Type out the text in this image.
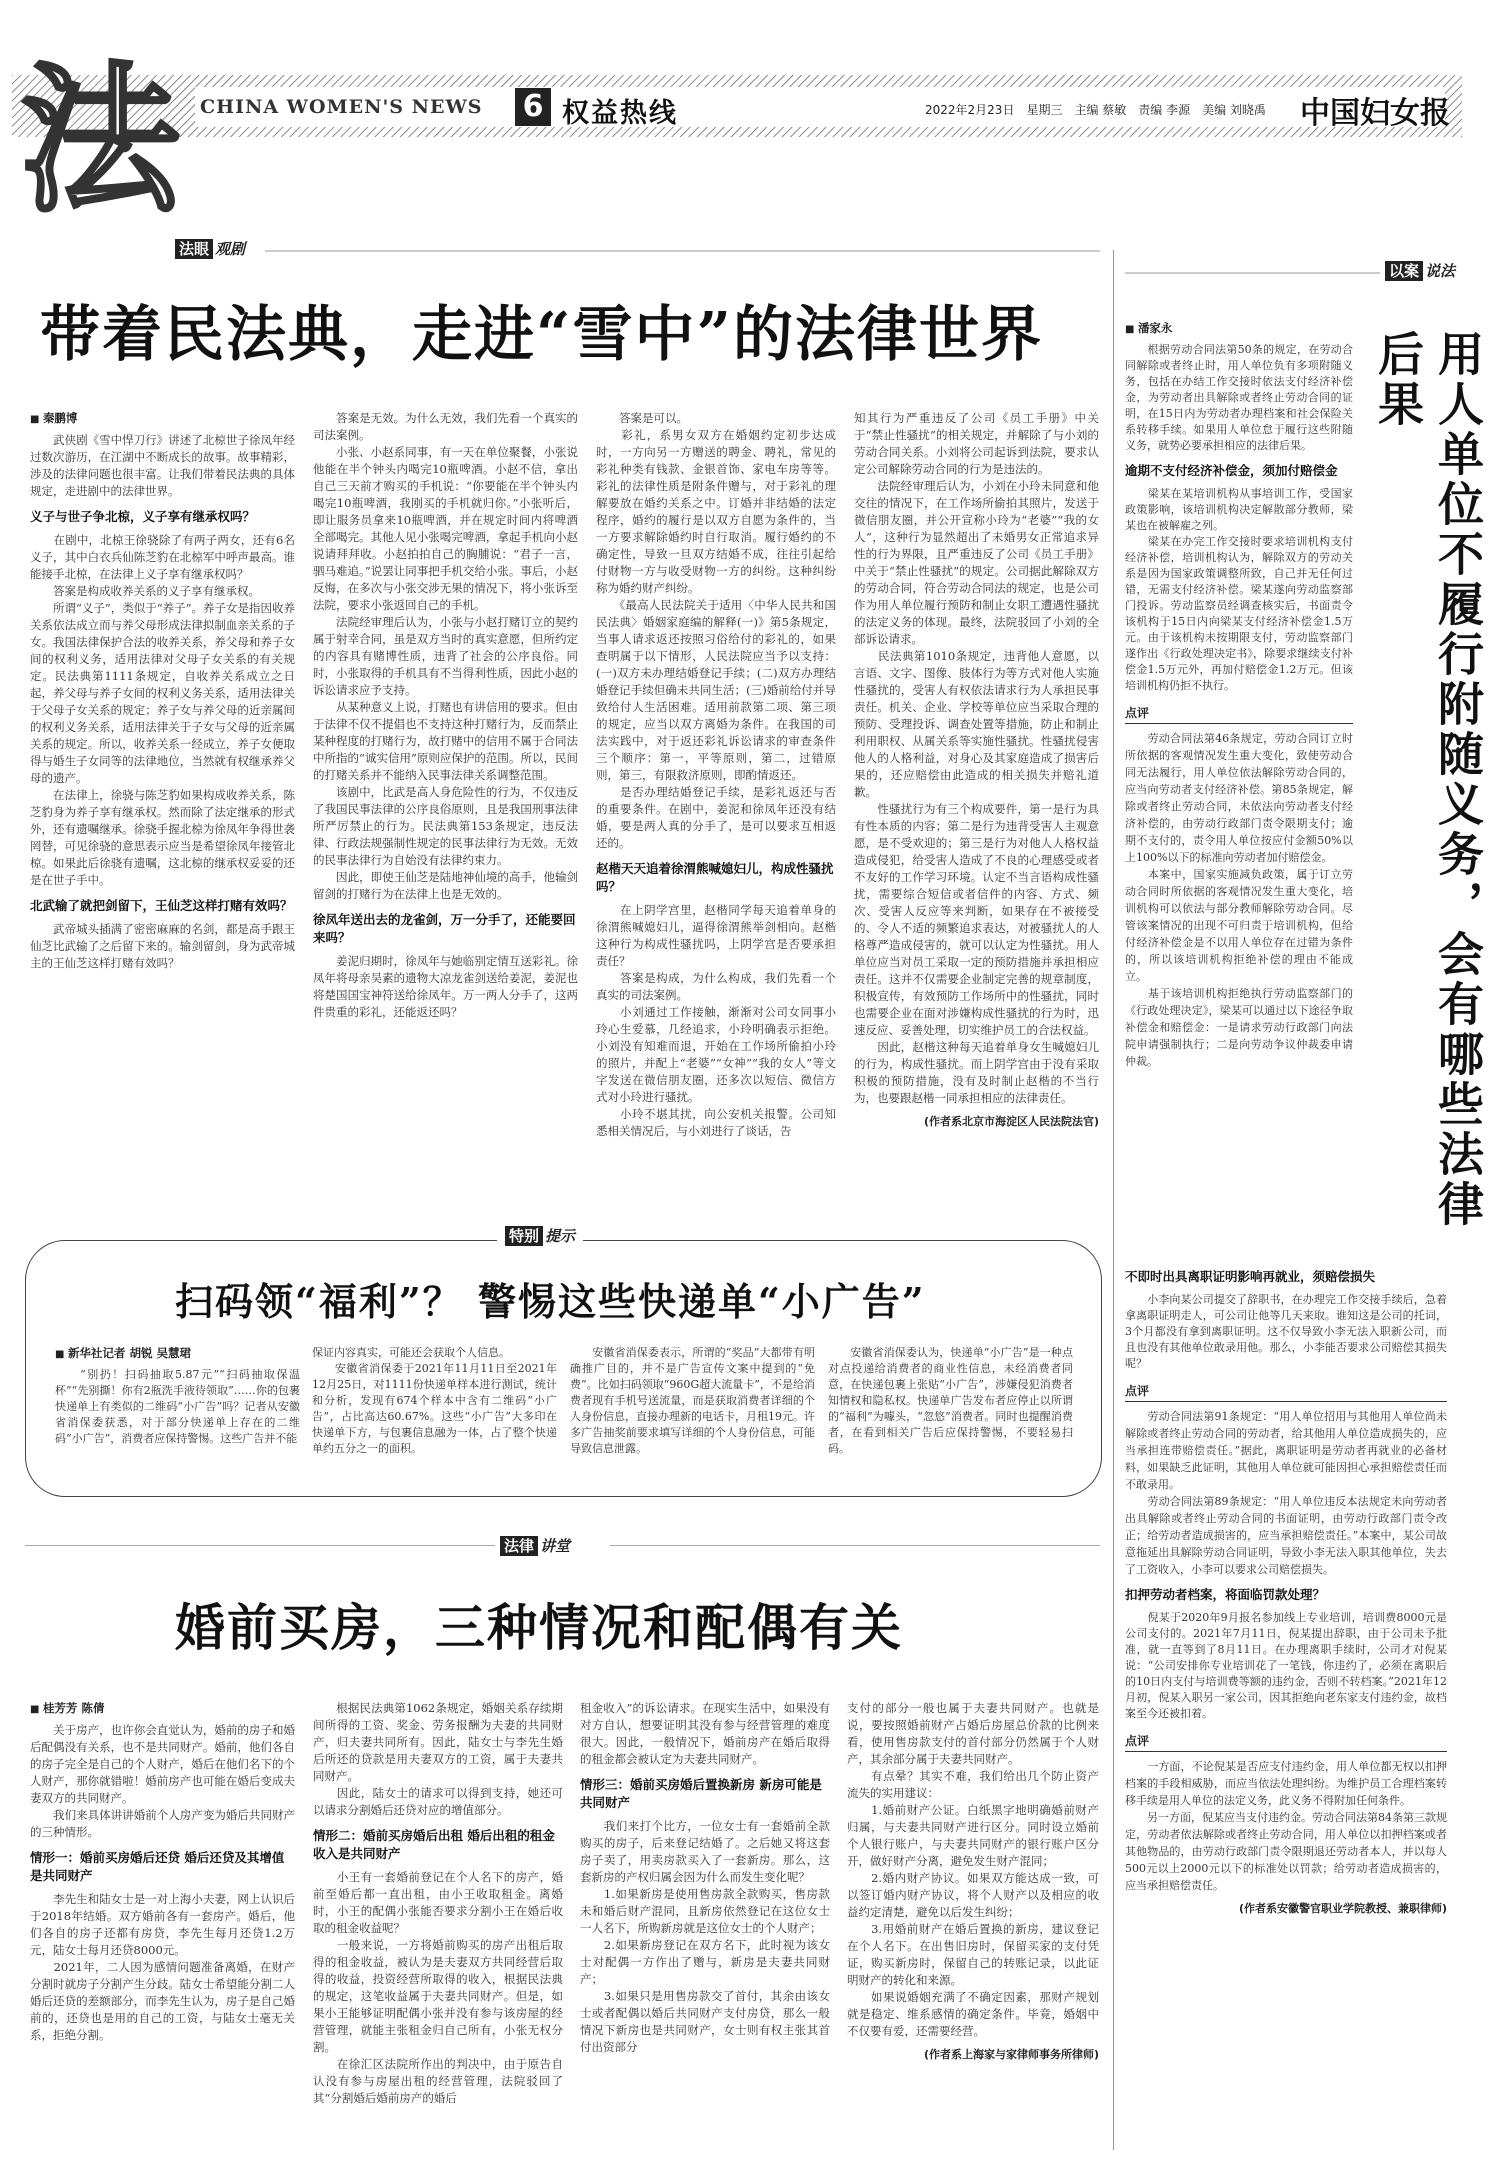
法	CHINA WOMEN'S NEWS 6 权益热线	2022年2月23日　星期三　主编 蔡敏　责编 李源　美编 刘晓禹 中国妇女报
法眼 观剧
带着民法典，走进“雪中”的法律世界

■ 秦鹏博

　　武侠剧《雪中悍刀行》讲述了北椋世子徐凤年经过数次游历，在江湖中不断成长的故事。故事精彩，涉及的法律问题也很丰富。让我们带着民法典的具体规定，走进剧中的法律世界。

义子与世子争北椋，义子享有继承权吗？

　　在剧中，北椋王徐骁除了有两子两女，还有6名义子，其中白衣兵仙陈芝豹在北椋军中呼声最高。谁能接手北椋，在法律上义子享有继承权吗？
　　答案是构成收养关系的义子享有继承权。
　　所谓“义子”，类似于“养子”。养子女是指因收养关系依法成立而与养父母形成法律拟制血亲关系的子女。我国法律保护合法的收养关系，养父母和养子女间的权利义务，适用法律对父母子女关系的有关规定。民法典第1111条规定，自收养关系成立之日起，养父母与养子女间的权利义务关系，适用法律关于父母子女关系的规定；养子女与养父母的近亲属间的权利义务关系，适用法律关于子女与父母的近亲属关系的规定。所以，收养关系一经成立，养子女便取得与婚生子女同等的法律地位，当然就有权继承养父母的遗产。
　　在法律上，徐骁与陈芝豹如果构成收养关系，陈芝豹身为养子享有继承权。然而除了法定继承的形式外，还有遗嘱继承。徐骁手握北椋为徐凤年争得世袭罔替，可见徐骁的意思表示应当是希望徐凤年接管北椋。如果此后徐骁有遗嘱，这北椋的继承权妥妥的还是在世子手中。

北武输了就把剑留下，王仙芝这样打赌有效吗？

　　武帝城头插满了密密麻麻的名剑，都是高手跟王仙芝比武输了之后留下来的。输剑留剑，身为武帝城主的王仙芝这样打赌有效吗？

　　答案是无效。为什么无效，我们先看一个真实的司法案例。
　　小张、小赵系同事，有一天在单位聚餐，小张说他能在半个钟头内喝完10瓶啤酒。小赵不信，拿出自己三天前才购买的手机说：“你要能在半个钟头内喝完10瓶啤酒，我刚买的手机就归你。”小张听后，即让服务员拿来10瓶啤酒，并在规定时间内将啤酒全部喝完。其他人见小张喝完啤酒，拿起手机向小赵说请拜拜收。小赵拍拍自己的胸脯说：“君子一言，驷马难追。”说罢让同事把手机交给小张。事后，小赵反悔，在多次与小张交涉无果的情况下，将小张诉至法院，要求小张返回自己的手机。
　　法院经审理后认为，小张与小赵打赌订立的契约属于射幸合同，虽是双方当时的真实意愿，但所约定的内容具有赌博性质，违背了社会的公序良俗。同时，小张取得的手机具有不当得利性质，因此小赵的诉讼请求应予支持。
　　从某种意义上说，打赌也有讲信用的要求。但由于法律不仅不提倡也不支持这种打赌行为，反而禁止某种程度的打赌行为，故打赌中的信用不属于合同法中所指的“诚实信用”原则应保护的范围。所以，民间的打赌关系并不能纳入民事法律关系调整范围。
　　该剧中，比武是高人身危险性的行为，不仅违反了我国民事法律的公序良俗原则，且是我国刑事法律所严厉禁止的行为。民法典第153条规定，违反法律、行政法规强制性规定的民事法律行为无效。无效的民事法律行为自始没有法律约束力。
　　因此，即使王仙芝是陆地神仙境的高手，他输剑留剑的打赌行为在法律上也是无效的。

徐凤年送出去的龙雀剑，万一分手了，还能要回来吗？

　　姜泥归期时，徐凤年与她临别定情互送彩礼。徐凤年将母亲吴素的遗物大凉龙雀剑送给姜泥，姜泥也将楚国国宝神符送给徐凤年。万一两人分手了，这两件贵重的彩礼，还能返还吗？

　　答案是可以。
　　彩礼，系男女双方在婚姻约定初步达成时，一方向另一方赠送的聘金、聘礼，常见的彩礼种类有钱款、金银首饰、家电车房等等。彩礼的法律性质是附条件赠与，对于彩礼的理解要放在婚约关系之中。订婚并非结婚的法定程序，婚约的履行是以双方自愿为条件的，当一方要求解除婚约时自行取消。履行婚约的不确定性，导致一旦双方结婚不成，往往引起给付财物一方与收受财物一方的纠纷。这种纠纷称为婚约财产纠纷。
　　《最高人民法院关于适用〈中华人民共和国民法典〉婚姻家庭编的解释(一)》第5条规定，当事人请求返还按照习俗给付的彩礼的，如果查明属于以下情形，人民法院应当予以支持：(一)双方未办理结婚登记手续；(二)双方办理结婚登记手续但确未共同生活；(三)婚前给付并导致给付人生活困难。适用前款第二项、第三项的规定，应当以双方离婚为条件。在我国的司法实践中，对于返还彩礼诉讼请求的审查条件三个顺序：第一，平等原则，第二，过错原则，第三，有限救济原则，即酌情返还。
　　是否办理结婚登记手续，是彩礼返还与否的重要条件。在剧中，姜泥和徐凤年还没有结婚，要是两人真的分手了，是可以要求互相返还的。

赵楷天天追着徐渭熊喊媳妇儿，构成性骚扰吗？

　　在上阴学宫里，赵楷同学每天追着单身的徐渭熊喊媳妇儿，逼得徐渭熊举剑相向。赵楷这种行为构成性骚扰吗，上阴学宫是否要承担责任？
　　答案是构成，为什么构成，我们先看一个真实的司法案例。
　　小刘通过工作接触，渐渐对公司女同事小玲心生爱慕，几经追求，小玲明确表示拒绝。小刘没有知难而退，开始在工作场所偷拍小玲的照片，并配上“老婆”“女神”“我的女人”等文字发送在微信朋友圈，还多次以短信、微信方式对小玲进行骚扰。
　　小玲不堪其扰，向公安机关报警。公司知悉相关情况后，与小刘进行了谈话，告

知其行为严重违反了公司《员工手册》中关于“禁止性骚扰”的相关规定，并解除了与小刘的劳动合同关系。小刘将公司起诉到法院，要求认定公司解除劳动合同的行为是违法的。
　　法院经审理后认为，小刘在小玲未同意和他交往的情况下，在工作场所偷拍其照片，发送于微信朋友圈，并公开宣称小玲为“老婆”“我的女人”，这种行为显然超出了未婚男女正常追求异性的行为界限，且严重违反了公司《员工手册》中关于“禁止性骚扰”的规定。公司据此解除双方的劳动合同，符合劳动合同法的规定，也是公司作为用人单位履行预防和制止女职工遭遇性骚扰的法定义务的体现。最终，法院驳回了小刘的全部诉讼请求。
　　民法典第1010条规定，违背他人意愿，以言语、文字、图像、肢体行为等方式对他人实施性骚扰的，受害人有权依法请求行为人承担民事责任。机关、企业、学校等单位应当采取合理的预防、受理投诉、调查处置等措施，防止和制止利用职权、从属关系等实施性骚扰。性骚扰侵害他人的人格利益，对身心及其家庭造成了损害后果的，还应赔偿由此造成的相关损失并赔礼道歉。
　　性骚扰行为有三个构成要件，第一是行为具有性本质的内容；第二是行为违背受害人主观意愿，是不受欢迎的；第三是行为对他人人格权益造成侵犯，给受害人造成了不良的心理感受或者不友好的工作学习环境。认定不当言语构成性骚扰，需要综合短信或者信件的内容、方式、频次、受害人反应等来判断，如果存在不被接受的、令人不适的频繁追求表达，对被骚扰人的人格尊严造成侵害的，就可以认定为性骚扰。用人单位应当对员工采取一定的预防措施并承担相应责任。这并不仅需要企业制定完善的规章制度，积极宣传，有效预防工作场所中的性骚扰，同时也需要企业在面对涉嫌构成性骚扰的行为时，迅速反应、妥善处理，切实维护员工的合法权益。
　　因此，赵楷这种每天追着单身女生喊媳妇儿的行为，构成性骚扰。而上阴学宫由于没有采取积极的预防措施，没有及时制止赵楷的不当行为，也要跟赵楷一同承担相应的法律责任。

(作者系北京市海淀区人民法院法官)

特别 提示
扫码领“福利”？ 警惕这些快递单“小广告”

■ 新华社记者 胡锐 吴慧珺

　　“别扔！扫码抽取5.87元”“扫码抽取保温杯”“先别撕！你有2瓶洗手液待领取”……你的包裹快递单上有类似的二维码“小广告”吗？记者从安徽省消保委获悉，对于部分快递单上存在的二维码“小广告”，消费者应保持警惕。这些广告并不能

保证内容真实，可能还会获取个人信息。
　　安徽省消保委于2021年11月11日至2021年12月25日，对1111份快递单样本进行测试，统计和分析，发现有674个样本中含有二维码“小广告”，占比高达60.67%。这些“小广告”大多印在快递单下方，与包裹信息融为一体，占了整个快递单约五分之一的面积。

　　安徽省消保委表示，所谓的“奖品”大都带有明确推广目的，并不是广告宣传文案中提到的“免费”。比如扫码领取“960G超大流量卡”，不是给消费者现有手机号送流量，而是获取消费者详细的个人身份信息，直接办理新的电话卡，月租19元。许多广告抽奖前要求填写详细的个人身份信息，可能导致信息泄露。

　　安徽省消保委认为，快递单“小广告”是一种点对点投递给消费者的商业性信息，未经消费者同意，在快递包裹上张贴“小广告”，涉嫌侵犯消费者知情权和隐私权。快递单广告发布者应停止以所谓的“福利”为噱头，“忽悠”消费者。同时也提醒消费者，在看到相关广告后应保持警惕，不要轻易扫码。

法律 讲堂
婚前买房，三种情况和配偶有关

■ 桂芳芳 陈倩

　　关于房产，也许你会直觉认为，婚前的房子和婚后配偶没有关系，也不是共同财产。婚前，他们各自的房子完全是自己的个人财产，婚后在他们名下的个人财产，那你就错啦！婚前房产也可能在婚后变成夫妻双方的共同财产。
　　我们来具体讲讲婚前个人房产变为婚后共同财产的三种情形。

情形一：婚前买房婚后还贷 婚后还贷及其增值是共同财产

　　李先生和陆女士是一对上海小夫妻，网上认识后于2018年结婚。双方婚前各有一套房产。婚后，他们各自的房子还都有房贷，李先生每月还贷1.2万元，陆女士每月还贷8000元。
　　2021年，二人因为感情问题准备离婚，在财产分割时就房子分割产生分歧。陆女士希望能分割二人婚后还贷的差额部分，而李先生认为，房子是自己婚前的，还贷也是用的自己的工资，与陆女士毫无关系，拒绝分割。

　　根据民法典第1062条规定，婚姻关系存续期间所得的工资、奖金、劳务报酬为夫妻的共同财产，归夫妻共同所有。因此，陆女士与李先生婚后所还的贷款是用夫妻双方的工资，属于夫妻共同财产。
　　因此，陆女士的请求可以得到支持，她还可以请求分割婚后还贷对应的增值部分。

情形二：婚前买房婚后出租 婚后出租的租金收入是共同财产

　　小王有一套婚前登记在个人名下的房产，婚前至婚后都一直出租，由小王收取租金。离婚时，小王的配偶小张能否要求分割小王在婚后收取的租金收益呢？
　　一般来说，一方将婚前购买的房产出租后取得的租金收益，被认为是夫妻双方共同经营后取得的收益，投资经营所取得的收入，根据民法典的规定，这笔收益属于夫妻共同财产。但是，如果小王能够证明配偶小张并没有参与该房屋的经营管理，就能主张租金归自己所有，小张无权分割。
　　在徐汇区法院所作出的判决中，由于原告自认没有参与房屋出租的经营管理，法院驳回了其“分割婚后婚前房产的婚后

租金收入”的诉讼请求。在现实生活中，如果没有对方自认，想要证明其没有参与经营管理的难度很大。因此，一般情况下，婚前房产在婚后取得的租金都会被认定为夫妻共同财产。

情形三：婚前买房婚后置换新房 新房可能是共同财产

　　我们来打个比方，一位女士有一套婚前全款购买的房子，后来登记结婚了。之后她又将这套房子卖了，用卖房款买入了一套新房。那么，这套新房的产权归属会因为什么而发生变化呢？
　　1.如果新房是使用售房款全款购买，售房款未和婚后财产混同，且新房依然登记在这位女士一人名下，所购新房就是这位女士的个人财产；
　　2.如果新房登记在双方名下，此时视为该女士对配偶一方作出了赠与，新房是夫妻共同财产；
　　3.如果只是用售房款交了首付，其余由该女士或者配偶以婚后共同财产支付房贷，那么一般情况下新房也是共同财产，女士则有权主张其首付出资部分

支付的部分一般也属于夫妻共同财产。也就是说，要按照婚前财产占婚后房屋总价款的比例来看，使用售房款支付的首付部分仍然属于个人财产，其余部分属于夫妻共同财产。
　　有点晕？其实不难，我们给出几个防止资产流失的实用建议：
　　1.婚前财产公证。白纸黑字地明确婚前财产归属，与夫妻共同财产进行区分。同时设立婚前个人银行账户，与夫妻共同财产的银行账户区分开，做好财产分离，避免发生财产混同；
　　2.婚内财产协议。如果双方能达成一致，可以签订婚内财产协议，将个人财产以及相应的收益约定清楚，避免以后发生纠纷；
　　3.用婚前财产在婚后置换的新房，建议登记在个人名下。在出售旧房时，保留买家的支付凭证，购买新房时，保留自己的转账记录，以此证明财产的转化和来源。
　　如果说婚姻充满了不确定因素，那财产规划就是稳定、维系感情的确定条件。毕竟，婚姻中不仅要有爱，还需要经营。

(作者系上海家与家律师事务所律师)

以案 说法
用人单位不履行附随义务，会有哪些法律后果

■ 潘家永

　　根据劳动合同法第50条的规定，在劳动合同解除或者终止时，用人单位负有多项附随义务，包括在办结工作交接时依法支付经济补偿金，为劳动者出具解除或者终止劳动合同的证明，在15日内为劳动者办理档案和社会保险关系转移手续。如果用人单位怠于履行这些附随义务，就势必要承担相应的法律后果。

逾期不支付经济补偿金，须加付赔偿金

　　梁某在某培训机构从事培训工作，受国家政策影响，该培训机构决定解散部分教师，梁某也在被解雇之列。
　　梁某在办完工作交接时要求培训机构支付经济补偿，培训机构认为，解除双方的劳动关系是因为国家政策调整所致，自己并无任何过错，无需支付经济补偿。梁某遂向劳动监察部门投诉。劳动监察员经调查核实后，书面责令该机构于15日内向梁某支付经济补偿金1.5万元。由于该机构未按期限支付，劳动监察部门遂作出《行政处理决定书》，除要求继续支付补偿金1.5万元外，再加付赔偿金1.2万元。但该培训机构仍拒不执行。

点评

　　劳动合同法第46条规定，劳动合同订立时所依据的客观情况发生重大变化，致使劳动合同无法履行，用人单位依法解除劳动合同的，应当向劳动者支付经济补偿。第85条规定，解除或者终止劳动合同，未依法向劳动者支付经济补偿的，由劳动行政部门责令限期支付；逾期不支付的，责令用人单位按应付金额50%以上100%以下的标准向劳动者加付赔偿金。
　　本案中，国家实施减负政策，属于订立劳动合同时所依据的客观情况发生重大变化，培训机构可以依法与部分教师解除劳动合同。尽管该案情况的出现不可归责于培训机构，但给付经济补偿金是不以用人单位存在过错为条件的，所以该培训机构拒绝补偿的理由不能成立。
　　基于该培训机构拒绝执行劳动监察部门的《行政处理决定》，梁某可以通过以下途径争取补偿金和赔偿金：一是请求劳动行政部门向法院申请强制执行；二是向劳动争议仲裁委申请仲裁。

不即时出具离职证明影响再就业，须赔偿损失

　　小李向某公司提交了辞职书，在办理完工作交接手续后，急着拿离职证明走人，可公司让他等几天来取。谁知这是公司的托词，3个月都没有拿到离职证明。这不仅导致小李无法入职新公司，而且也没有其他单位敢录用他。那么，小李能否要求公司赔偿其损失呢？

点评

　　劳动合同法第91条规定：“用人单位招用与其他用人单位尚未解除或者终止劳动合同的劳动者，给其他用人单位造成损失的，应当承担连带赔偿责任。”据此，离职证明是劳动者再就业的必备材料，如果缺乏此证明，其他用人单位就可能因担心承担赔偿责任而不敢录用。
　　劳动合同法第89条规定：“用人单位违反本法规定未向劳动者出具解除或者终止劳动合同的书面证明，由劳动行政部门责令改正；给劳动者造成损害的，应当承担赔偿责任。”本案中，某公司故意拖延出具解除劳动合同证明，导致小李无法入职其他单位，失去了工资收入，小李可以要求公司赔偿损失。

扣押劳动者档案，将面临罚款处理？

　　倪某于2020年9月报名参加线上专业培训，培训费8000元是公司支付的。2021年7月11日，倪某提出辞职，由于公司未予批准，就一直等到了8月11日。在办理离职手续时，公司才对倪某说：“公司安排你专业培训花了一笔钱，你违约了，必须在离职后的10日内支付与培训费等额的违约金，否则不转档案。”2021年12月初，倪某入职另一家公司，因其拒绝向老东家支付违约金，故档案至今还被扣着。

点评

　　一方面，不论倪某是否应支付违约金，用人单位都无权以扣押档案的手段相威胁，而应当依法处理纠纷。为维护员工合理档案转移手续是用人单位的法定义务，此义务不得附加任何条件。
　　另一方面，倪某应当支付违约金。劳动合同法第84条第三款规定，劳动者依法解除或者终止劳动合同，用人单位以扣押档案或者其他物品的，由劳动行政部门责令限期退还劳动者本人，并以每人500元以上2000元以下的标准处以罚款；给劳动者造成损害的，应当承担赔偿责任。

(作者系安徽警官职业学院教授、兼职律师)
